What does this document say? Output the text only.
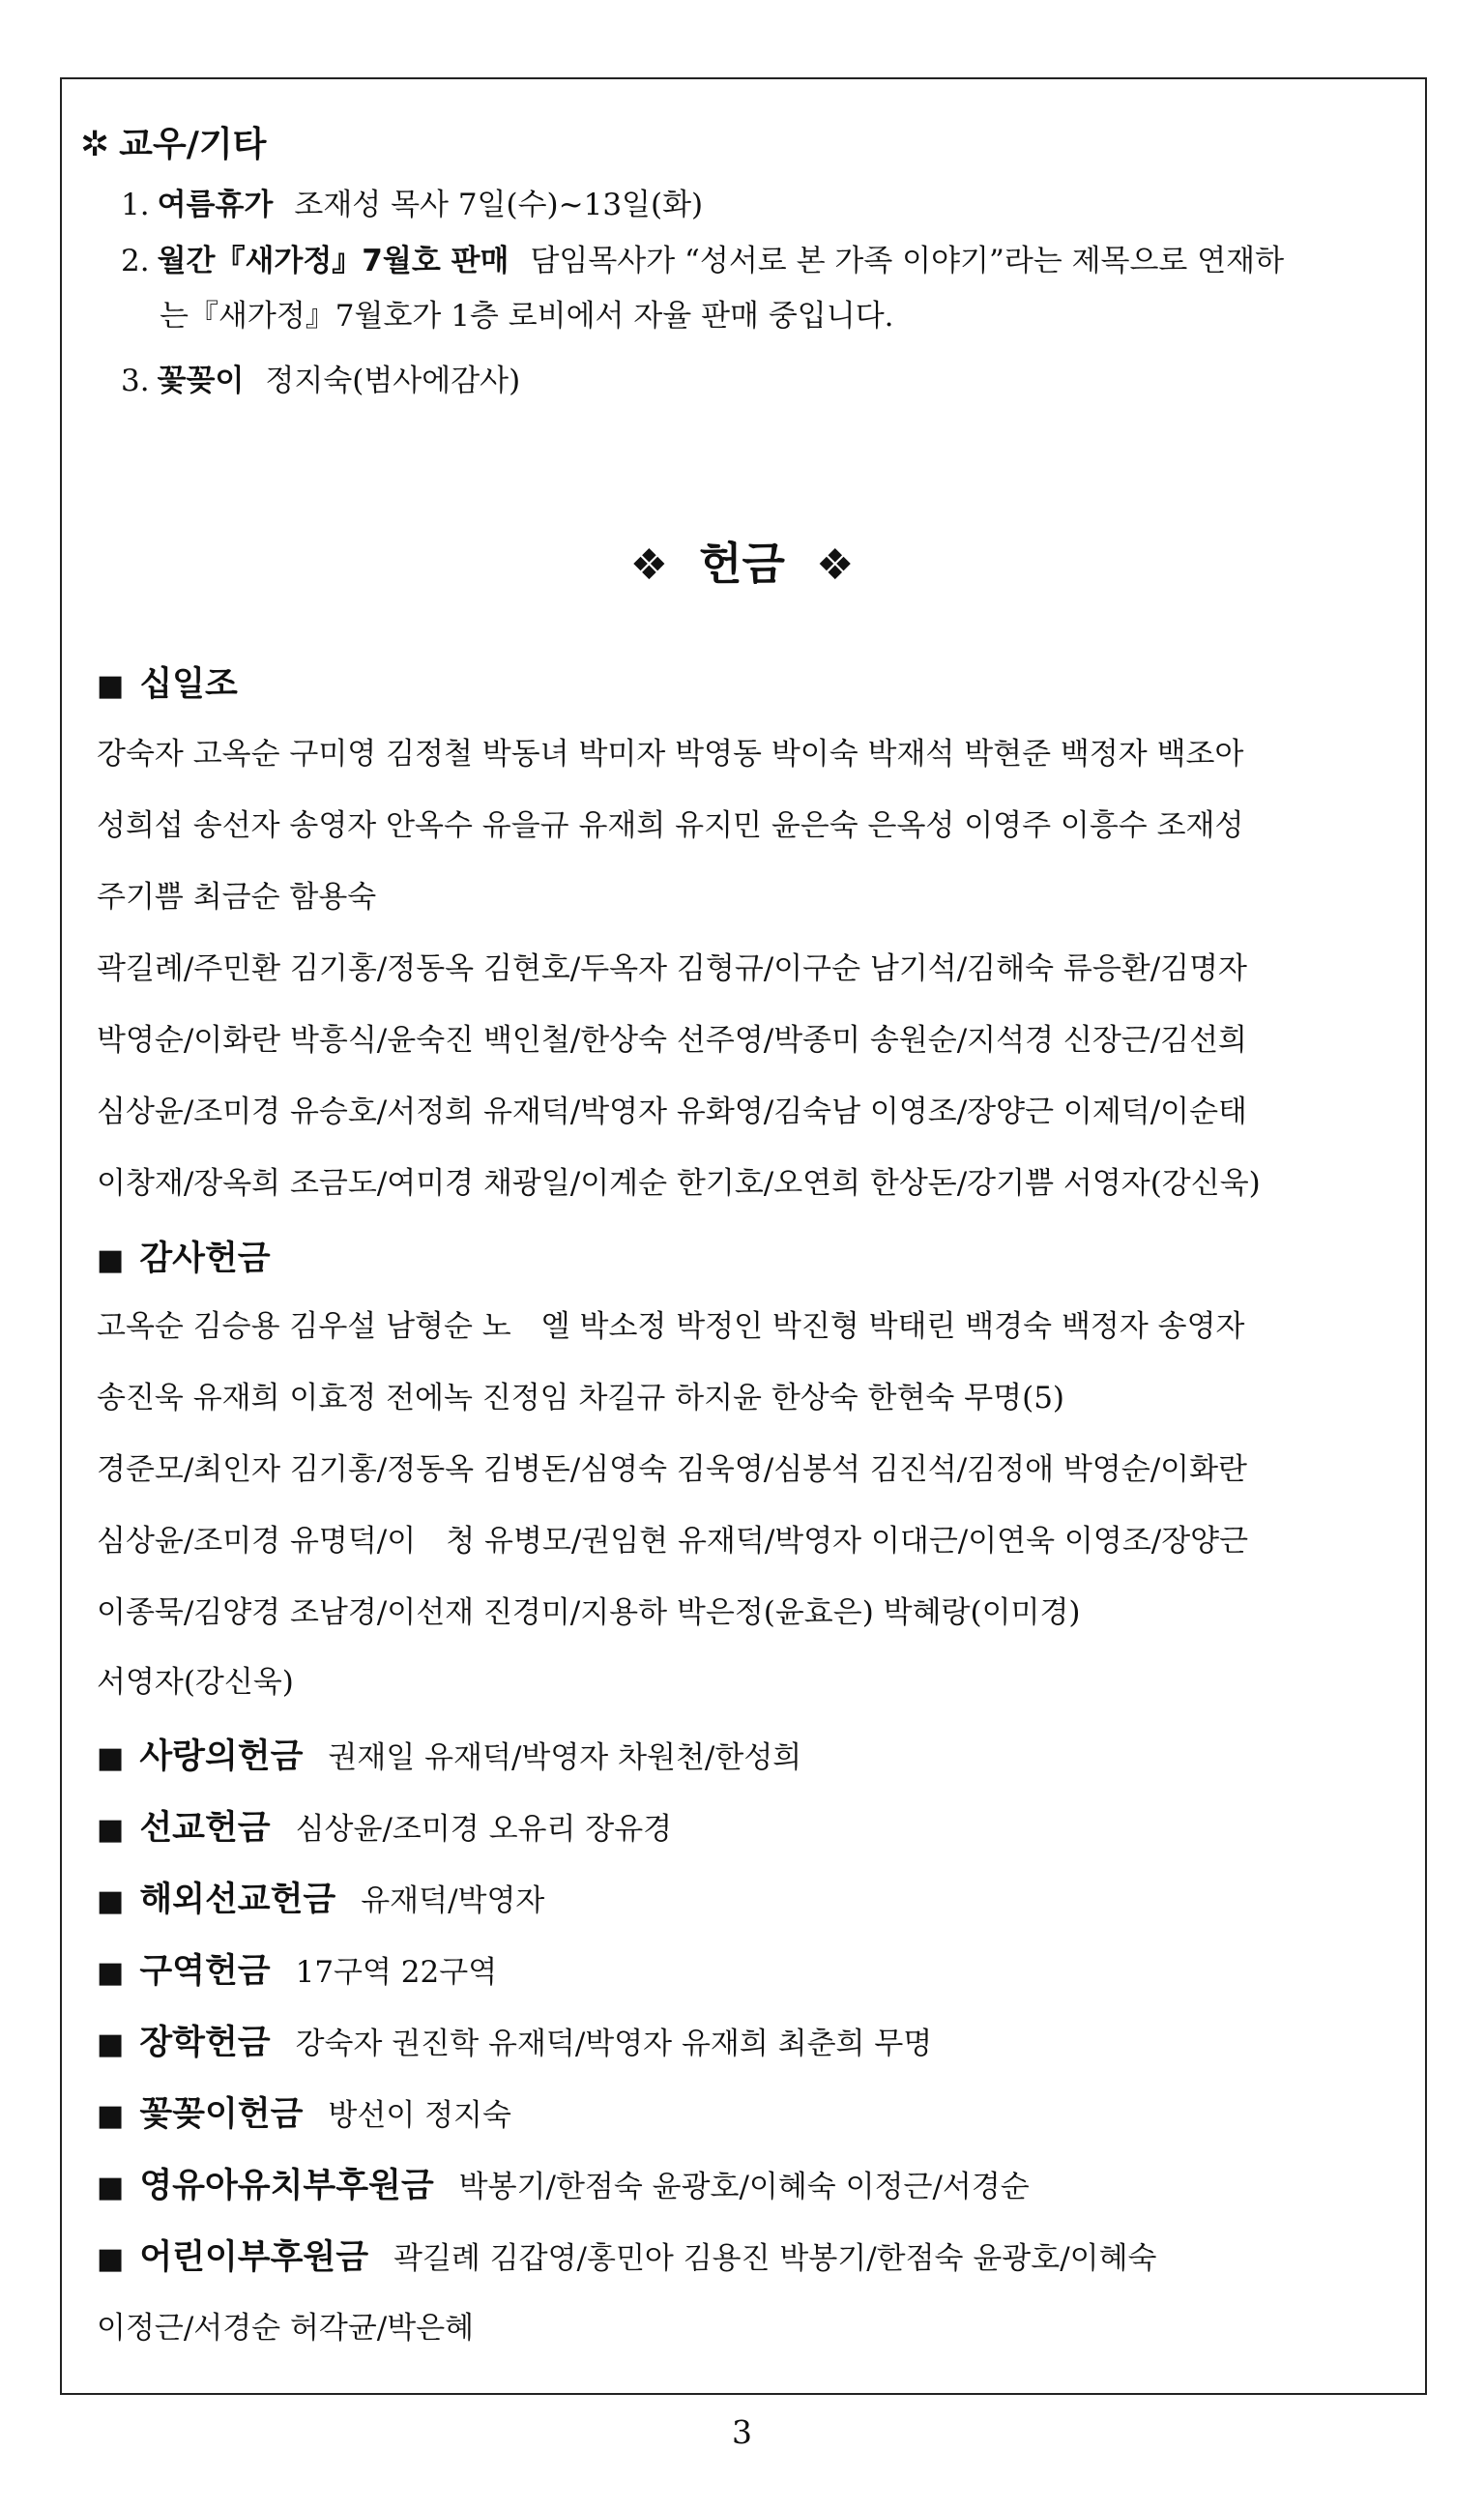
✲ 교우/기타
1. 여름휴가 조재성 목사 7일(수)~13일(화)
2. 월간『새가정』7월호 판매 담임목사가 “성서로 본 가족 이야기”라는 제목으로 연재하
는『새가정』7월호가 1층 로비에서 자율 판매 중입니다.
3. 꽃꽂이 정지숙(범사에감사)
❖ 헌금 ❖
■ 십일조
강숙자 고옥순 구미영 김정철 박동녀 박미자 박영동 박이숙 박재석 박현준 백정자 백조아
성희섭 송선자 송영자 안옥수 유을규 유재희 유지민 윤은숙 은옥성 이영주 이흥수 조재성
주기쁨 최금순 함용숙
곽길례/주민환 김기홍/정동옥 김현호/두옥자 김형규/이구순 남기석/김해숙 류응환/김명자
박영순/이화란 박흥식/윤숙진 백인철/한상숙 선주영/박종미 송원순/지석경 신장근/김선희
심상윤/조미경 유승호/서정희 유재덕/박영자 유화영/김숙남 이영조/장양근 이제덕/이순태
이창재/장옥희 조금도/여미경 채광일/이계순 한기호/오연희 한상돈/강기쁨 서영자(강신욱)
■ 감사헌금
고옥순 김승용 김우설 남형순 노　엘 박소정 박정인 박진형 박태린 백경숙 백정자 송영자
송진욱 유재희 이효정 전에녹 진정임 차길규 하지윤 한상숙 한현숙 무명(5)
경준모/최인자 김기홍/정동옥 김병돈/심영숙 김욱영/심봉석 김진석/김정애 박영순/이화란
심상윤/조미경 유명덕/이　청 유병모/권임현 유재덕/박영자 이대근/이연욱 이영조/장양근
이종묵/김양경 조남경/이선재 진경미/지용하 박은정(윤효은) 박혜랑(이미경)
서영자(강신욱)
■ 사랑의헌금 권재일 유재덕/박영자 차원천/한성희
■ 선교헌금 심상윤/조미경 오유리 장유경
■ 해외선교헌금 유재덕/박영자
■ 구역헌금 17구역 22구역
■ 장학헌금 강숙자 권진학 유재덕/박영자 유재희 최춘희 무명
■ 꽃꽂이헌금 방선이 정지숙
■ 영유아유치부후원금 박봉기/한점숙 윤광호/이혜숙 이정근/서경순
■ 어린이부후원금 곽길례 김갑영/홍민아 김용진 박봉기/한점숙 윤광호/이혜숙
이정근/서경순 허각균/박은혜
3
